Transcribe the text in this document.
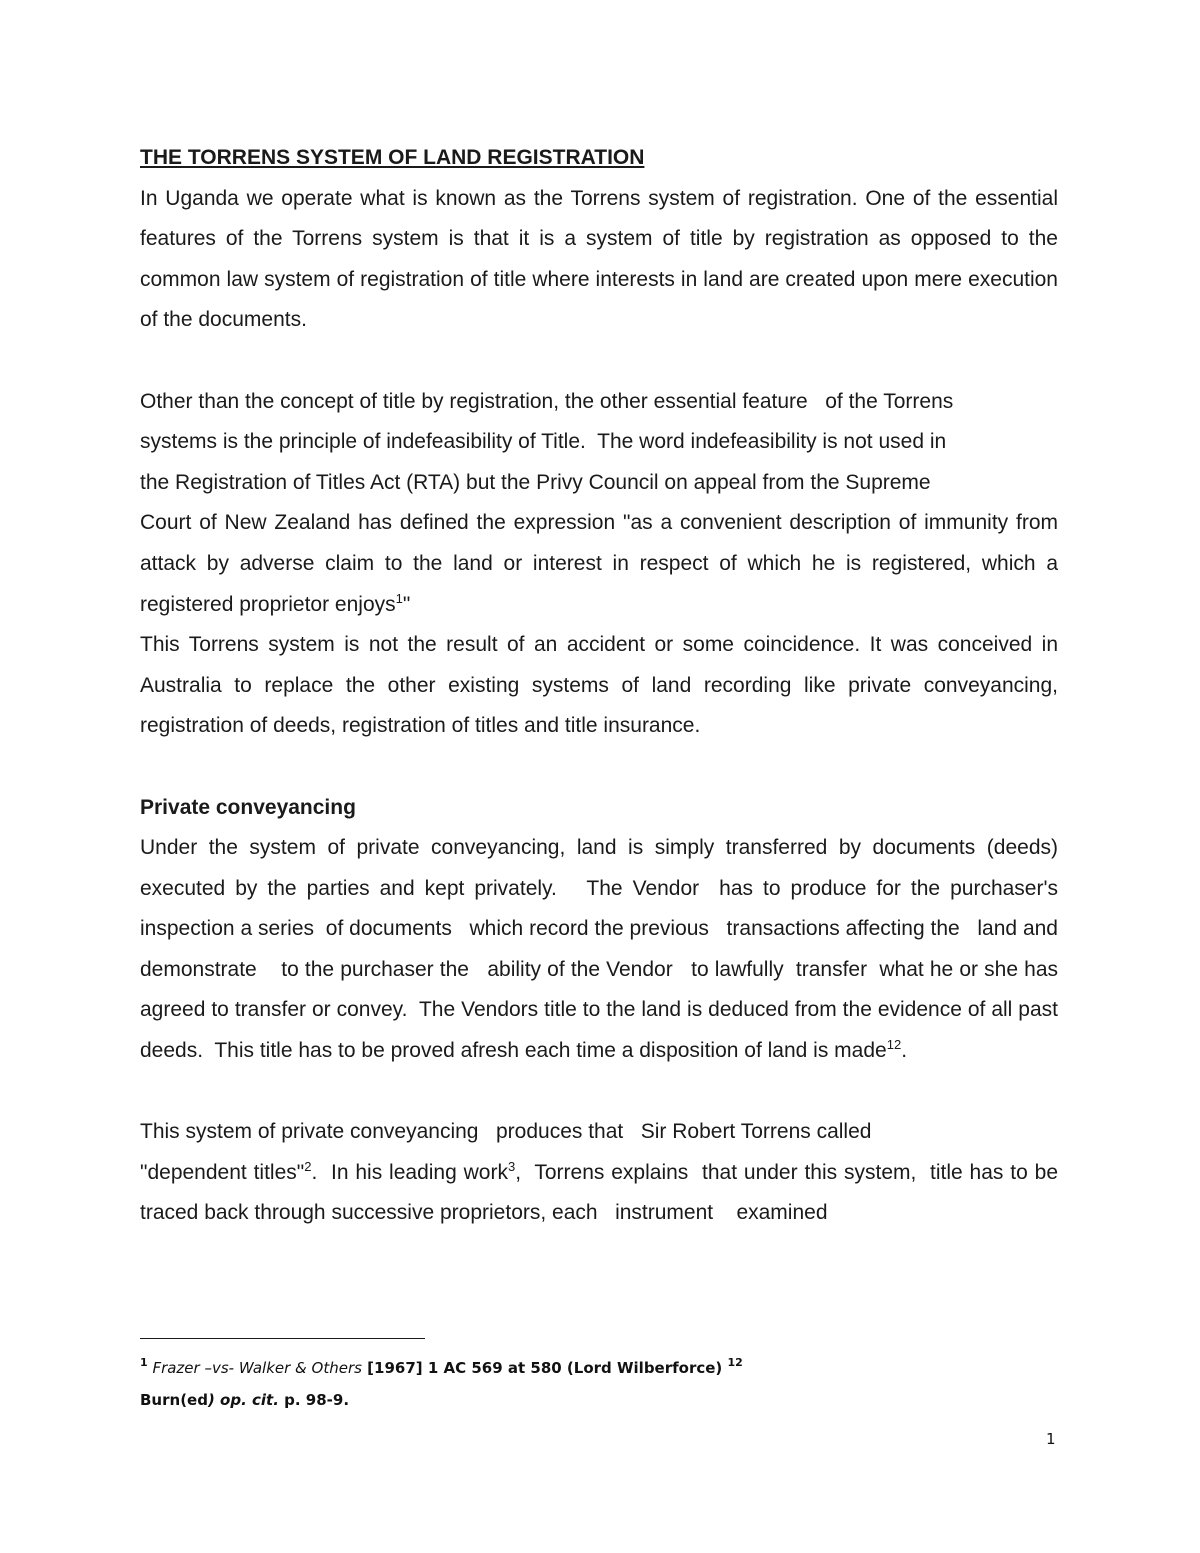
THE TORRENS SYSTEM OF LAND REGISTRATION

In Uganda we operate what is known as the Torrens system of registration. One of the essential features of the Torrens system is that it is a system of title by registration as opposed to the common law system of registration of title where interests in land are created upon mere execution of the documents.

Other than the concept of title by registration, the other essential feature   of the Torrens
systems is the principle of indefeasibility of Title.  The word indefeasibility is not used in
the Registration of Titles Act (RTA) but the Privy Council on appeal from the Supreme

Court of New Zealand has defined the expression "as a convenient description of immunity from attack by adverse claim to the land or interest in respect of which he is registered, which a registered proprietor enjoys$^1$"

This Torrens system is not the result of an accident or some coincidence. It was conceived in Australia to replace the other existing systems of land recording like private conveyancing, registration of deeds, registration of titles and title insurance.

Private conveyancing

Under the system of private conveyancing, land is simply transferred by documents (deeds) executed by the parties and kept privately.   The Vendor  has to produce for the purchaser's  inspection a series  of documents   which record the previous   transactions affecting the   land and demonstrate    to the purchaser the   ability of the Vendor   to lawfully  transfer  what he or she has agreed to transfer or convey.  The Vendors title to the land is deduced from the evidence of all past deeds.  This title has to be proved afresh each time a disposition of land is made$^{12}$.

This system of private conveyancing   produces that   Sir Robert Torrens called
"dependent titles"$^2$.  In his leading work$^3$,  Torrens explains  that under this system,  title has to be   traced back through successive proprietors, each   instrument    examined

$^1$ Frazer –vs- Walker & Others [1967] 1 AC 569 at 580 (Lord Wilberforce) $^{12}$

Burn(ed) op. cit. p. 98-9.

1
